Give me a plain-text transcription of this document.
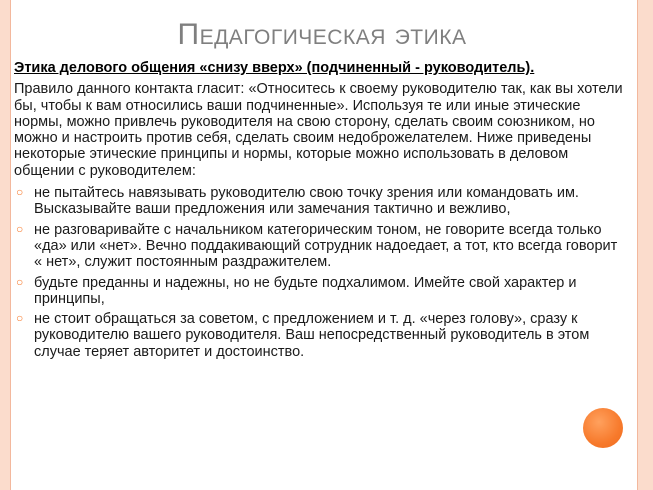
Педагогическая этика
Этика делового общения «снизу вверх» (подчиненный - руководитель).

Правило данного контакта гласит: «Относитесь к своему руководителю так, как вы хотели бы, чтобы к вам относились ваши подчиненные». Используя те или иные этические нормы, можно привлечь руководителя на свою сторону, сделать своим союзником, но можно и настроить против себя, сделать своим недоброжелателем. Ниже приведены некоторые этические принципы и нормы, которые можно использовать в деловом общении с руководителем:

○ не пытайтесь навязывать руководителю свою точку зрения или командовать им. Высказывайте ваши предложения или замечания тактично и вежливо,
○ не разговаривайте с начальником категорическим тоном, не говорите всегда только «да» или «нет». Вечно поддакивающий сотрудник надоедает, а тот, кто всегда говорит « нет», служит постоянным раздражителем.
○ будьте преданны и надежны, но не будьте подхалимом. Имейте свой характер и принципы,
○ не стоит обращаться за советом, с предложением и т. д. «через голову», сразу к руководителю вашего руководителя. Ваш непосредственный руководитель в этом случае теряет авторитет и достоинство.
